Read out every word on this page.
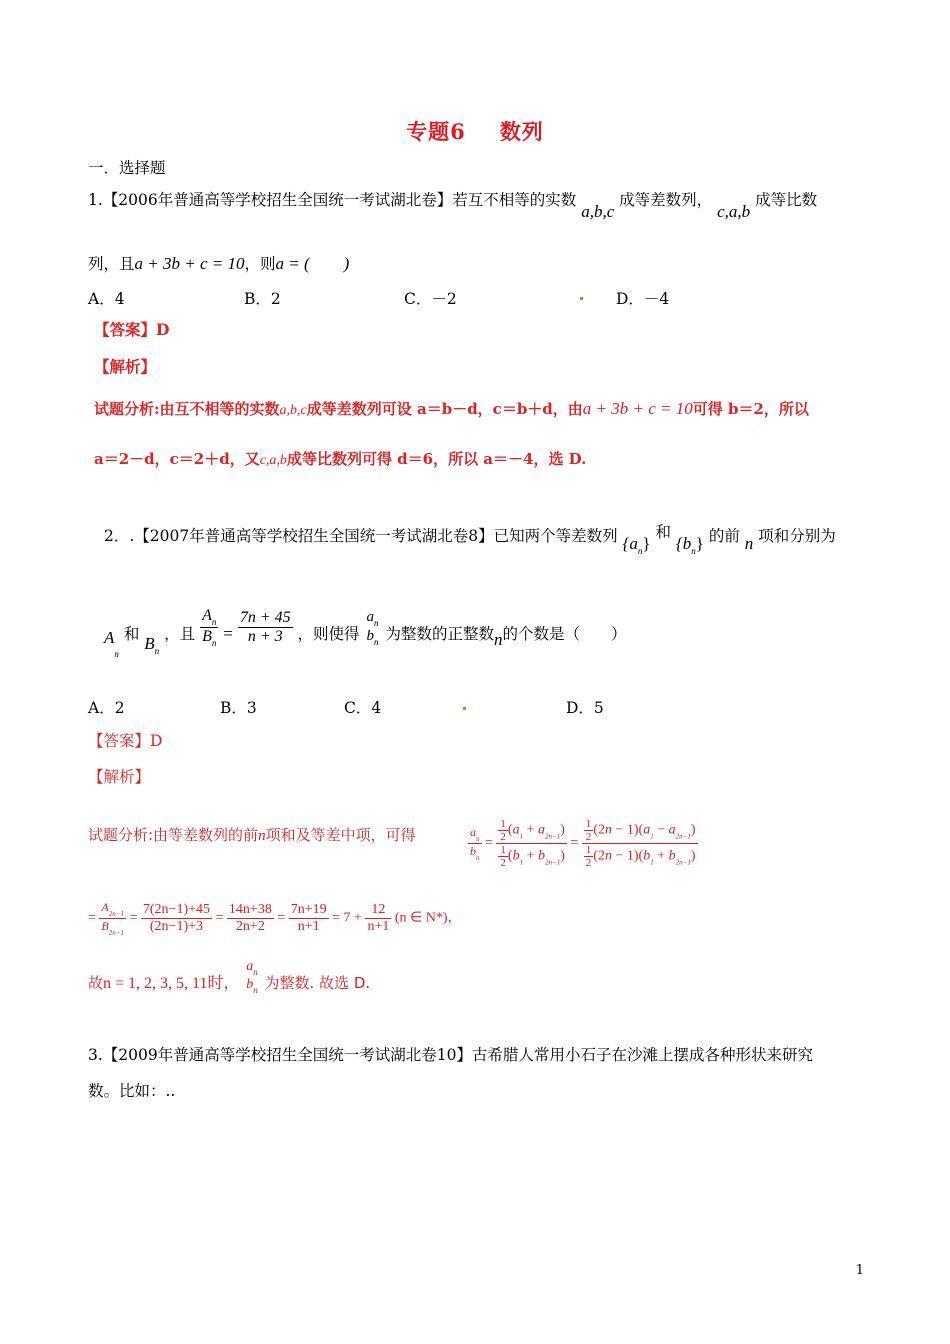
专题6 数列
一．选择题
1.【2006年普通高等学校招生全国统一考试湖北卷】若互不相等的实数 a,b,c 成等差数列， c,a,b 成等比数
列，且a + 3b + c = 10，则a = (　　)
A．4	B．2	C．－2	D．－4
【答案】D
【解析】
试题分析:由互不相等的实数a,b,c成等差数列可设 a＝b－d，c＝b＋d，由a + 3b + c = 10可得 b＝2，所以
a＝2－d，c＝2＋d，又c,a,b成等比数列可得 d＝6，所以 a＝－4，选 D.
2．.【2007年普通高等学校招生全国统一考试湖北卷8】已知两个等差数列 $\{a_n\}$ 和 $\{b_n\}$ 的前 n 项和分别为
$A_n$ 和 $B_n$ ，且 $\frac{A_n}{B_n} = \frac{7n + 45}{n + 3}$ ，则使得
$a_n$
$b_n$ 为整数的正整数n的个数是（　　）
A．2	B．3	C．4	D．5
【答案】D
【解析】
试题分析:由等差数列的前n项和及等差中项，可得	$\frac{a_n}{b_n} = \frac{\frac{1}{2} (a_1 + a_{2n-1})}{\frac{1}{2} (b_1 + b_{2n-1})} = \frac{\frac{1}{2} (2n - 1)(a_1 - a_{2n-1})}{\frac{1}{2} (2n - 1)(b_1 + b_{2n-1})}$
= $\frac{A_{2n-1}}{B_{2n-1}} = \frac{7(2n-1)+45}{(2n-1)+3} = \frac{14n+38}{2n+2} = \frac{7n+19}{n+1} = 7 + \frac{12}{n+1} (n$ ∈ N*)，
故n = 1, 2, 3, 5, 11时，
$a_n$
$b_n$ 为整数. 故选 D.
3.【2009年普通高等学校招生全国统一考试湖北卷10】古希腊人常用小石子在沙滩上摆成各种形状来研究
数。比如：..
1
